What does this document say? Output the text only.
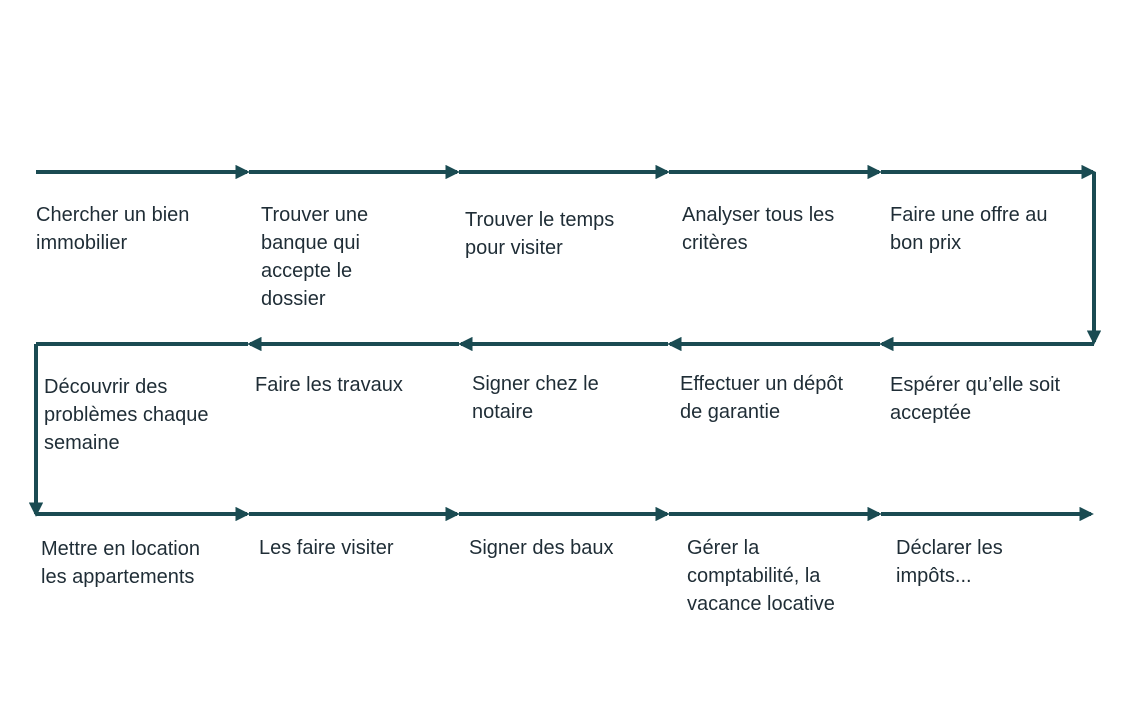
Chercher un bien
immobilier

Trouver une
banque qui
accepte le
dossier

Trouver le temps
pour visiter

Analyser tous les
critères

Faire une offre au
bon prix

Découvrir des
problèmes chaque
semaine

Faire les travaux	Signer chez le
notaire

Effectuer un dépôt
de garantie

Espérer qu’elle soit
acceptée

Mettre en location
les appartements

Les faire visiter	Signer des baux	Gérer la
comptabilité, la
vacance locative

Déclarer les
impôts...
